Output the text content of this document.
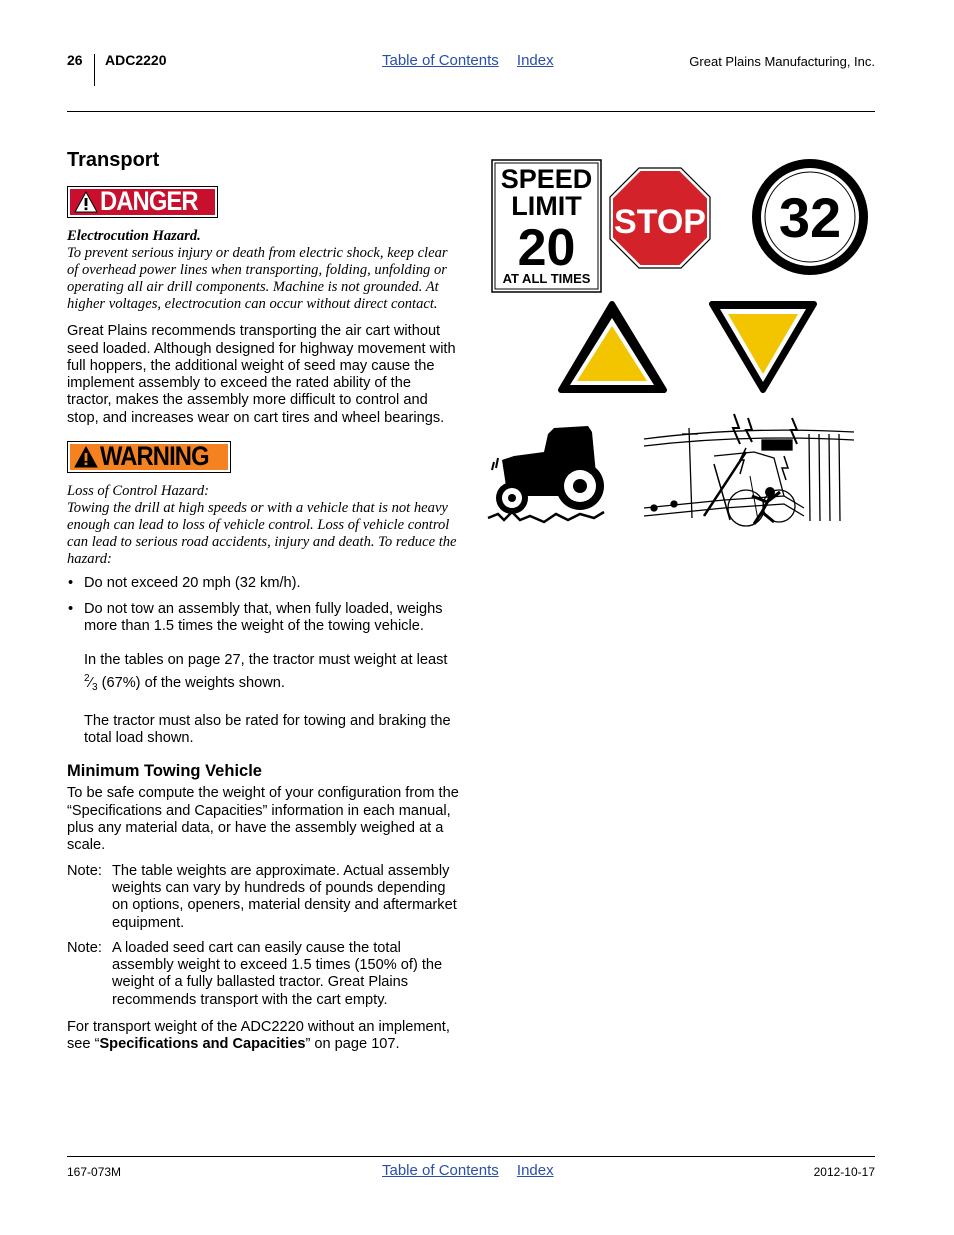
26 ADC2220	Table of Contents Index	Great Plains Manufacturing, Inc.
Transport
DANGER
Electrocution Hazard.
To prevent serious injury or death from electric shock, keep clear of overhead power lines when transporting, folding, unfolding or operating all air drill components. Machine is not grounded. At higher voltages, electrocution can occur without direct contact.

Great Plains recommends transporting the air cart without seed loaded. Although designed for highway movement with full hoppers, the additional weight of seed may cause the implement assembly to exceed the rated ability of the tractor, makes the assembly more difficult to control and stop, and increases wear on cart tires and wheel bearings.

WARNING
Loss of Control Hazard:
Towing the drill at high speeds or with a vehicle that is not heavy enough can lead to loss of vehicle control. Loss of vehicle control can lead to serious road accidents, injury and death. To reduce the hazard:
• Do not exceed 20 mph (32 km/h).
• Do not tow an assembly that, when fully loaded, weighs more than 1.5 times the weight of the towing vehicle.

In the tables on page 27, the tractor must weight at least $^2⁄_3$ (67%) of the weights shown.

The tractor must also be rated for towing and braking the total load shown.

Minimum Towing Vehicle

To be safe compute the weight of your configuration from the “Specifications and Capacities” information in each manual, plus any material data, or have the assembly weighed at a scale.

Note: The table weights are approximate. Actual assembly weights can vary by hundreds of pounds depending on options, openers, material density and aftermarket equipment.
Note: A loaded seed cart can easily cause the total assembly weight to exceed 1.5 times (150% of) the weight of a fully ballasted tractor. Great Plains recommends transport with the cart empty.

For transport weight of the ADC2220 without an implement, see “Specifications and Capacities” on page 107.

SPEED
LIMIT
20
AT ALL TIMES
STOP 32
167-073M	Table of Contents Index	2012-10-17
